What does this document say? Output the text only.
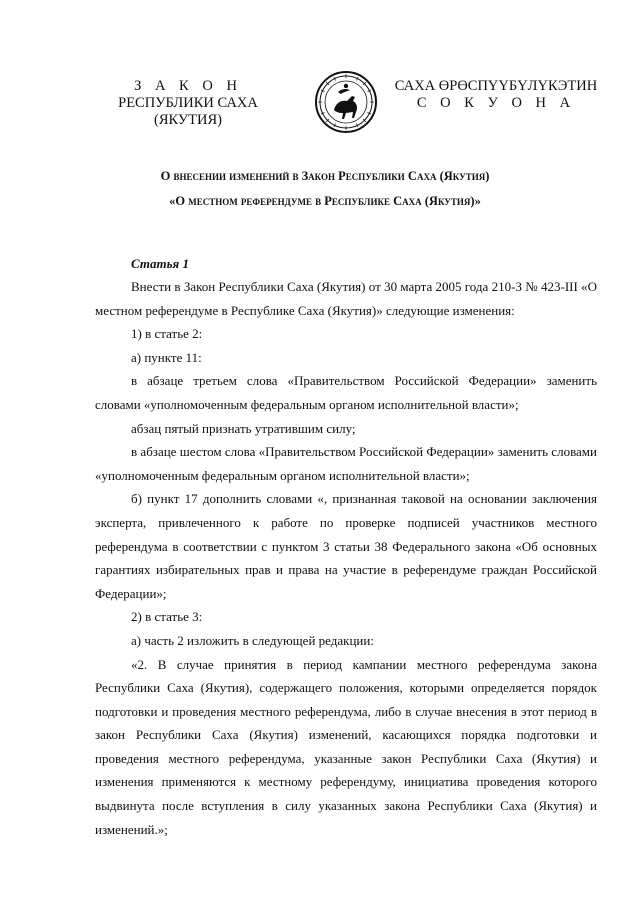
З А К О Н
РЕСПУБЛИКИ САХА (ЯКУТИЯ)
САХА ӨРӨСПҮҮБҮЛҮКЭТИН
С О К У О Н А
О внесении изменений в Закон Республики Саха (Якутия)
«О местном референдуме в Республике Саха (Якутия)»
Статья 1

Внести в Закон Республики Саха (Якутия) от 30 марта 2005 года 210-З № 423-III «О местном референдуме в Республике Саха (Якутия)» следующие изменения:

1) в статье 2:

а) пункте 11:

в абзаце третьем слова «Правительством Российской Федерации» заменить словами «уполномоченным федеральным органом исполнительной власти»;

абзац пятый признать утратившим силу;

в абзаце шестом слова «Правительством Российской Федерации» заменить словами «уполномоченным федеральным органом исполнительной власти»;

б) пункт 17 дополнить словами «, признанная таковой на основании заключения эксперта, привлеченного к работе по проверке подписей участников местного референдума в соответствии с пунктом 3 статьи 38 Федерального закона «Об основных гарантиях избирательных прав и права на участие в референдуме граждан Российской Федерации»;

2) в статье 3:

а) часть 2 изложить в следующей редакции:

«2. В случае принятия в период кампании местного референдума закона Республики Саха (Якутия), содержащего положения, которыми определяется порядок подготовки и проведения местного референдума, либо в случае внесения в этот период в закон Республики Саха (Якутия) изменений, касающихся порядка подготовки и проведения местного референдума, указанные закон Республики Саха (Якутия) и изменения применяются к местному референдуму, инициатива проведения которого выдвинута после вступления в силу указанных закона Республики Саха (Якутия) и изменений.»;
